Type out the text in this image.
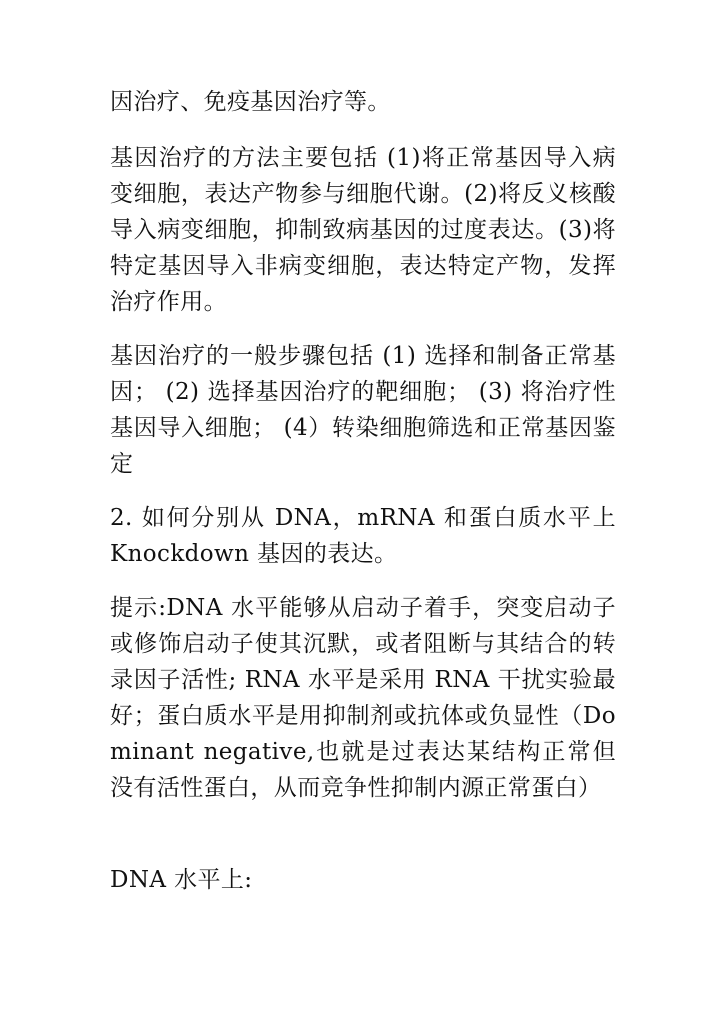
因治疗、免疫基因治疗等。

基因治疗的方法主要包括 (1)将正常基因导入病变细胞，表达产物参与细胞代谢。(2)将反义核酸导入病变细胞，抑制致病基因的过度表达。(3)将特定基因导入非病变细胞，表达特定产物，发挥治疗作用。

基因治疗的一般步骤包括 (1) 选择和制备正常基因； (2) 选择基因治疗的靶细胞； (3) 将治疗性基因导入细胞； (4）转染细胞筛选和正常基因鉴定

2. 如何分别从 DNA，mRNA 和蛋白质水平上 Knockdown 基因的表达。

提示:DNA 水平能够从启动子着手，突变启动子或修饰启动子使其沉默，或者阻断与其结合的转录因子活性; RNA 水平是采用 RNA 干扰实验最好；蛋白质水平是用抑制剂或抗体或负显性（Dominant negative,也就是过表达某结构正常但没有活性蛋白，从而竞争性抑制内源正常蛋白）

DNA 水平上:
